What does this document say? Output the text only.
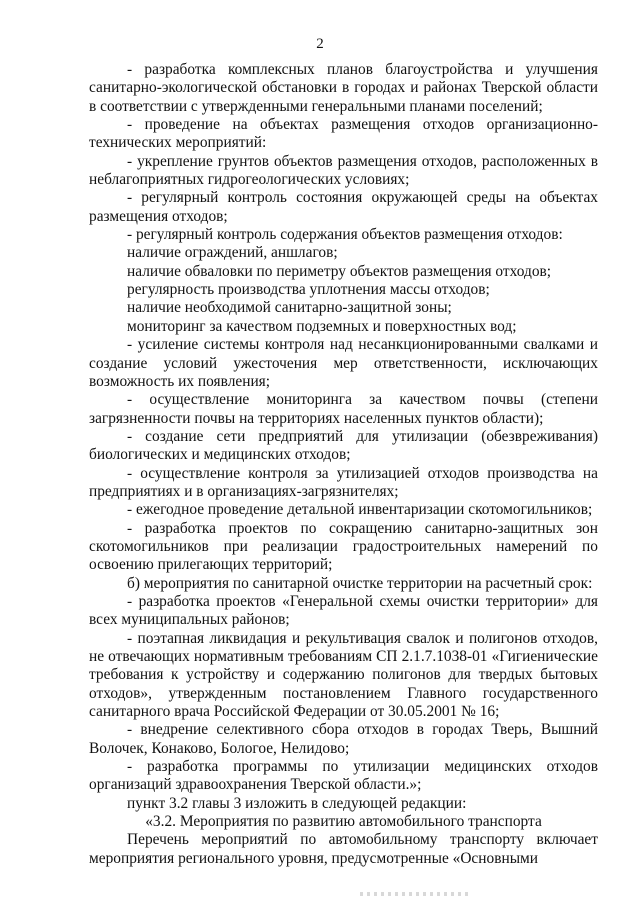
2

- разработка комплексных планов благоустройства и улучшения санитарно-экологической обстановки в городах и районах Тверской области в соответствии с утвержденными генеральными планами поселений;

- проведение на объектах размещения отходов организационно-технических мероприятий:

- укрепление грунтов объектов размещения отходов, расположенных в неблагоприятных гидрогеологических условиях;

- регулярный контроль состояния окружающей среды на объектах размещения отходов;

- регулярный контроль содержания объектов размещения отходов:

наличие ограждений, аншлагов;

наличие обваловки по периметру объектов размещения отходов;

регулярность производства уплотнения массы отходов;

наличие необходимой санитарно-защитной зоны;

мониторинг за качеством подземных и поверхностных вод;

- усиление системы контроля над несанкционированными свалками и создание условий ужесточения мер ответственности, исключающих возможность их появления;

- осуществление мониторинга за качеством почвы (степени загрязненности почвы на территориях населенных пунктов области);

- создание сети предприятий для утилизации (обезвреживания) биологических и медицинских отходов;

- осуществление контроля за утилизацией отходов производства на предприятиях и в организациях-загрязнителях;

- ежегодное проведение детальной инвентаризации скотомогильников;

- разработка проектов по сокращению санитарно-защитных зон скотомогильников при реализации градостроительных намерений по освоению прилегающих территорий;

б) мероприятия по санитарной очистке территории на расчетный срок:

- разработка проектов «Генеральной схемы очистки территории» для всех муниципальных районов;

- поэтапная ликвидация и рекультивация свалок и полигонов отходов, не отвечающих нормативным требованиям СП 2.1.7.1038-01 «Гигиенические требования к устройству и содержанию полигонов для твердых бытовых отходов», утвержденным постановлением Главного государственного санитарного врача Российской Федерации от 30.05.2001 № 16;

- внедрение селективного сбора отходов в городах Тверь, Вышний Волочек, Конаково, Бологое, Нелидово;

- разработка программы по утилизации медицинских отходов организаций здравоохранения Тверской области.»;

пункт 3.2 главы 3 изложить в следующей редакции:

«3.2. Мероприятия по развитию автомобильного транспорта

Перечень мероприятий по автомобильному транспорту включает мероприятия регионального уровня, предусмотренные «Основными
